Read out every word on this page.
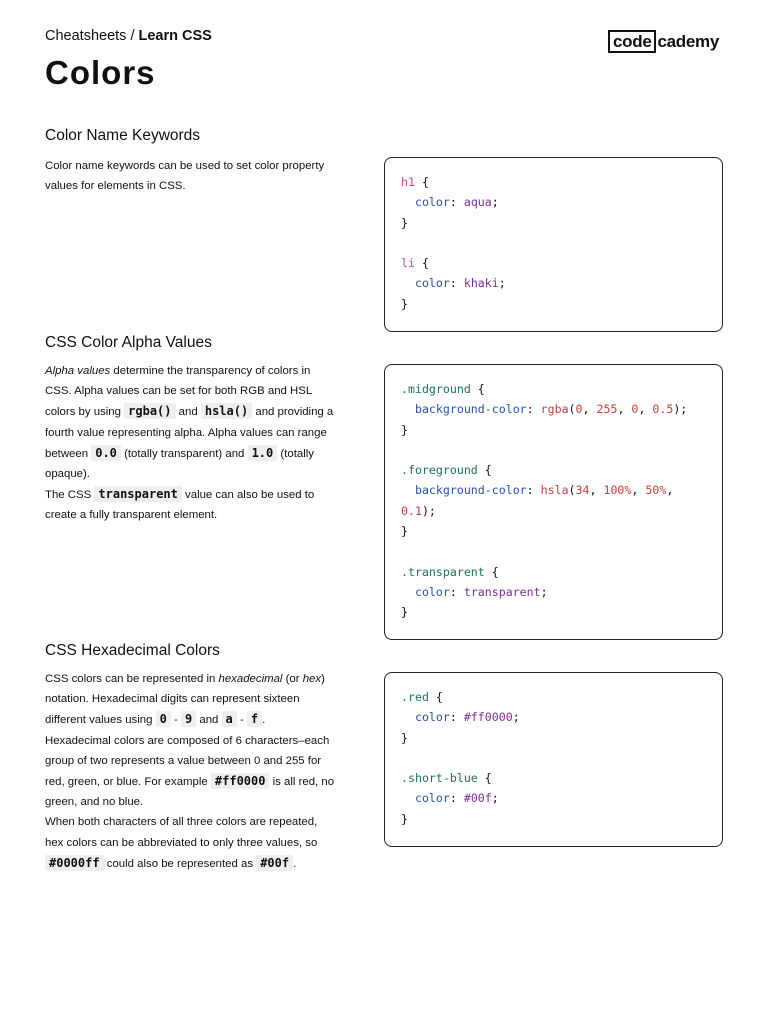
Cheatsheets / Learn CSS	code cademy
Colors
Color Name Keywords

Color name keywords can be used to set color property values for elements in CSS.	h1 {
color: aqua;
}

li {
color: khaki;
}
CSS Color Alpha Values

Alpha values determine the transparency of colors in CSS. Alpha values can be set for both RGB and HSL colors by using rgba() and hsla() and providing a fourth value representing alpha. Alpha values can range between 0.0 (totally transparent) and 1.0 (totally opaque).

The CSS transparent value can also be used to create a fully transparent element.

.midground {
background-color: rgba(0, 255, 0, 0.5);
}

.foreground {
background-color: hsla(34, 100%, 50%,
0.1);
}

.transparent {
color: transparent;
}
CSS Hexadecimal Colors

CSS colors can be represented in hexadecimal (or hex) notation. Hexadecimal digits can represent sixteen different values using 0 - 9 and a - f .

Hexadecimal colors are composed of 6 characters–each group of two represents a value between 0 and 255 for red, green, or blue. For example #ff0000 is all red, no green, and no blue.

When both characters of all three colors are repeated, hex colors can be abbreviated to only three values, so #0000ff could also be represented as #00f .

.red {
color: #ff0000;
}

.short-blue {
color: #00f;
}
